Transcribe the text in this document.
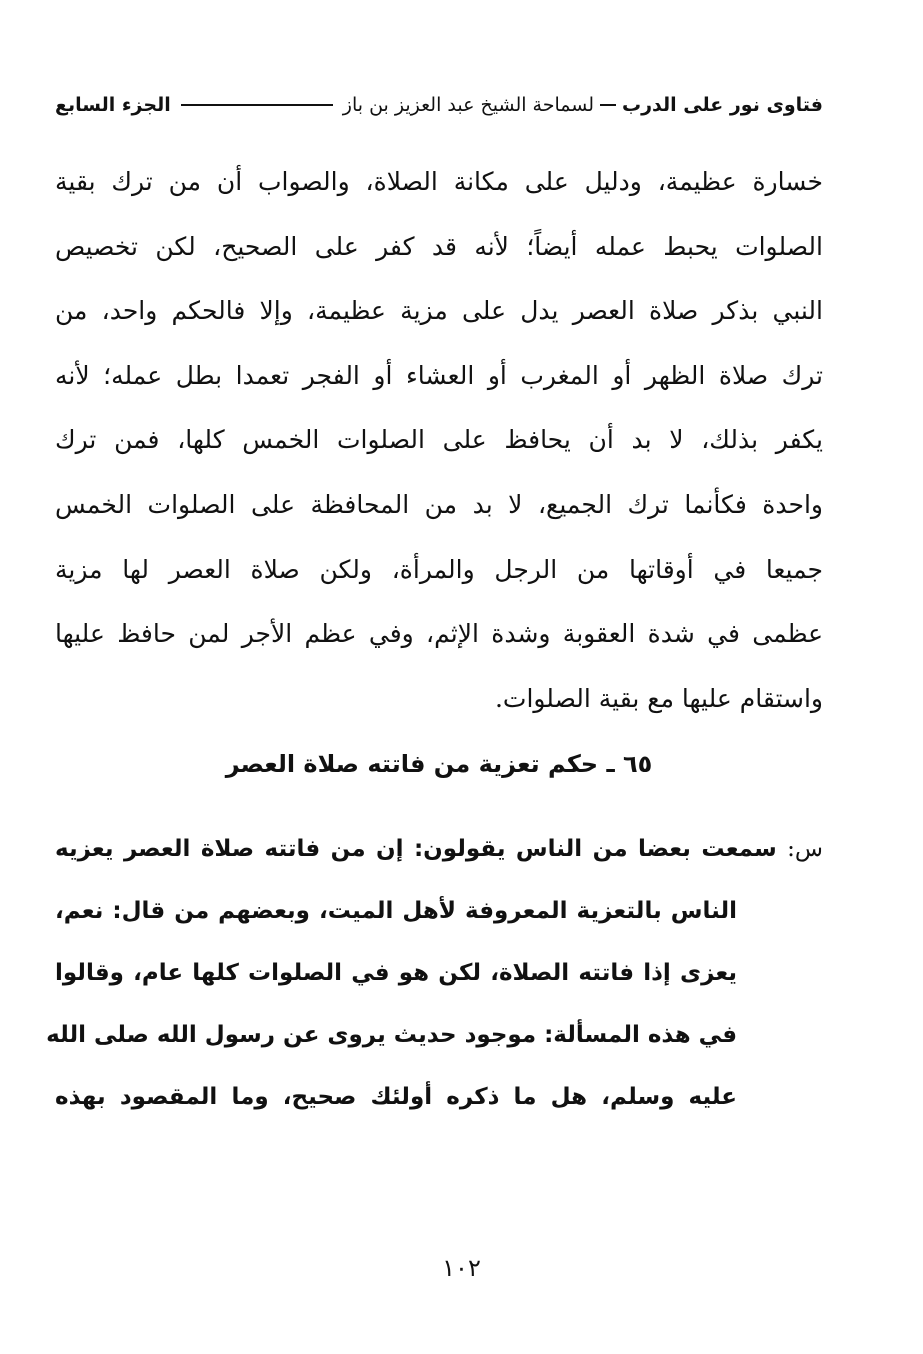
فتاوى نور على الدرب
لسماحة الشيخ عبد العزيز بن باز
الجزء السابع
خسارة عظيمة، ودليل على مكانة الصلاة، والصواب أن من ترك بقية
الصلوات يحبط عمله أيضاً؛ لأنه قد كفر على الصحيح، لكن تخصيص
النبي بذكر صلاة العصر يدل على مزية عظيمة، وإلا فالحكم واحد، من
ترك صلاة الظهر أو المغرب أو العشاء أو الفجر تعمدا بطل عمله؛ لأنه
يكفر بذلك، لا بد أن يحافظ على الصلوات الخمس كلها، فمن ترك
واحدة فكأنما ترك الجميع، لا بد من المحافظة على الصلوات الخمس
جميعا في أوقاتها من الرجل والمرأة، ولكن صلاة العصر لها مزية
عظمى في شدة العقوبة وشدة الإثم، وفي عظم الأجر لمن حافظ عليها
واستقام عليها مع بقية الصلوات.
٦٥ ـ حكم تعزية من فاتته صلاة العصر
س: سمعت بعضا من الناس يقولون: إن من فاتته صلاة العصر يعزيه
الناس بالتعزية المعروفة لأهل الميت، وبعضهم من قال: نعم،
يعزى إذا فاتته الصلاة، لكن هو في الصلوات كلها عام، وقالوا
في هذه المسألة: موجود حديث يروى عن رسول الله صلى الله
عليه وسلم، هل ما ذكره أولئك صحيح، وما المقصود بهذه
١٠٢
